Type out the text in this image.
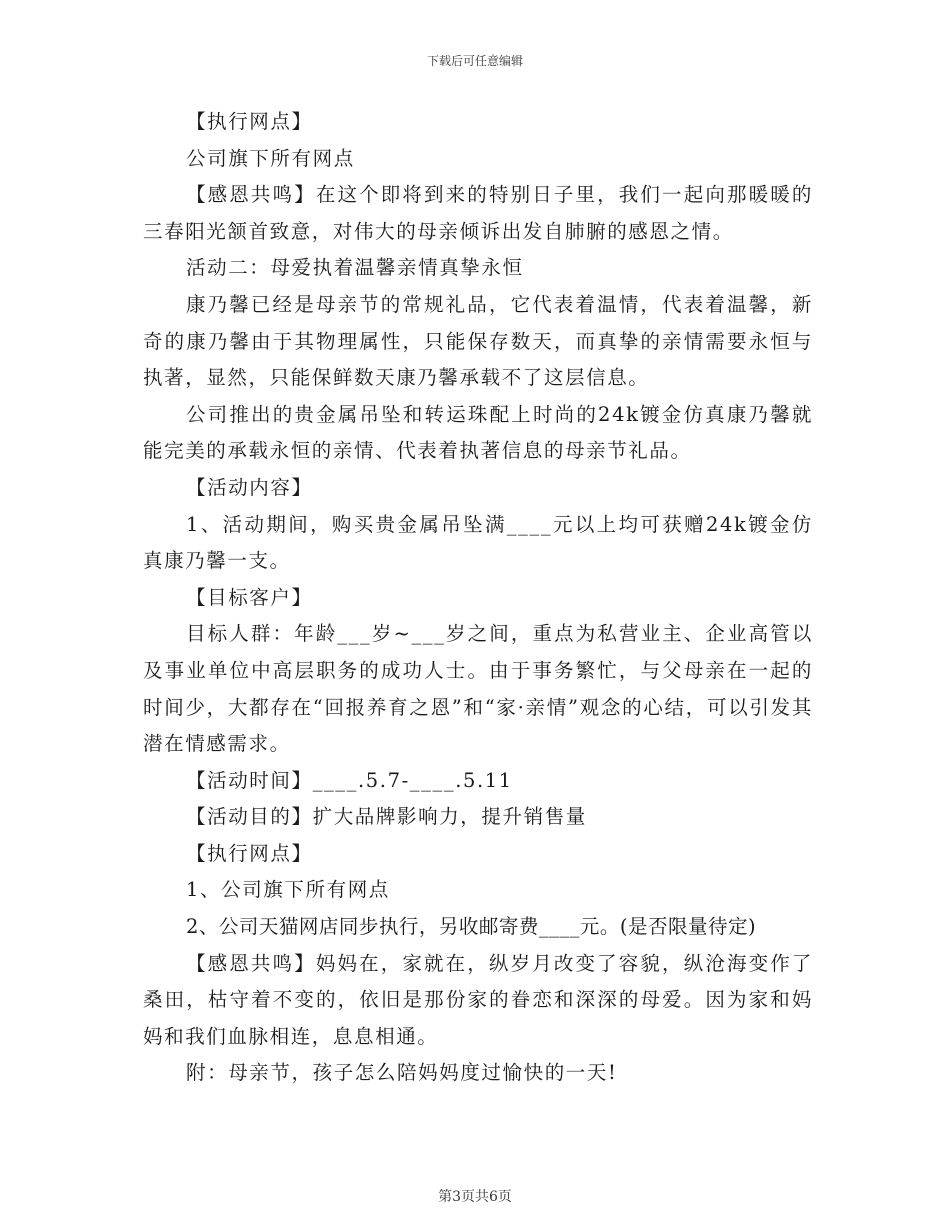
下载后可任意编辑

【执行网点】

公司旗下所有网点

【感恩共鸣】在这个即将到来的特别日子里，我们一起向那暖暖的三春阳光颔首致意，对伟大的母亲倾诉出发自肺腑的感恩之情。

活动二：母爱执着温馨亲情真挚永恒

康乃馨已经是母亲节的常规礼品，它代表着温情，代表着温馨，新奇的康乃馨由于其物理属性，只能保存数天，而真挚的亲情需要永恒与执著，显然，只能保鲜数天康乃馨承载不了这层信息。

公司推出的贵金属吊坠和转运珠配上时尚的24k镀金仿真康乃馨就能完美的承载永恒的亲情、代表着执著信息的母亲节礼品。

【活动内容】

1、活动期间，购买贵金属吊坠满____元以上均可获赠24k镀金仿真康乃馨一支。

【目标客户】

目标人群：年龄___岁~___岁之间，重点为私营业主、企业高管以及事业单位中高层职务的成功人士。由于事务繁忙，与父母亲在一起的时间少，大都存在“回报养育之恩”和“家·亲情”观念的心结，可以引发其潜在情感需求。

【活动时间】____.5.7-____.5.11

【活动目的】扩大品牌影响力，提升销售量

【执行网点】

1、公司旗下所有网点

2、公司天猫网店同步执行，另收邮寄费____元。(是否限量待定)

【感恩共鸣】妈妈在，家就在，纵岁月改变了容貌，纵沧海变作了桑田，枯守着不变的，依旧是那份家的眷恋和深深的母爱。因为家和妈妈和我们血脉相连，息息相通。

附：母亲节，孩子怎么陪妈妈度过愉快的一天!

第3页共6页
